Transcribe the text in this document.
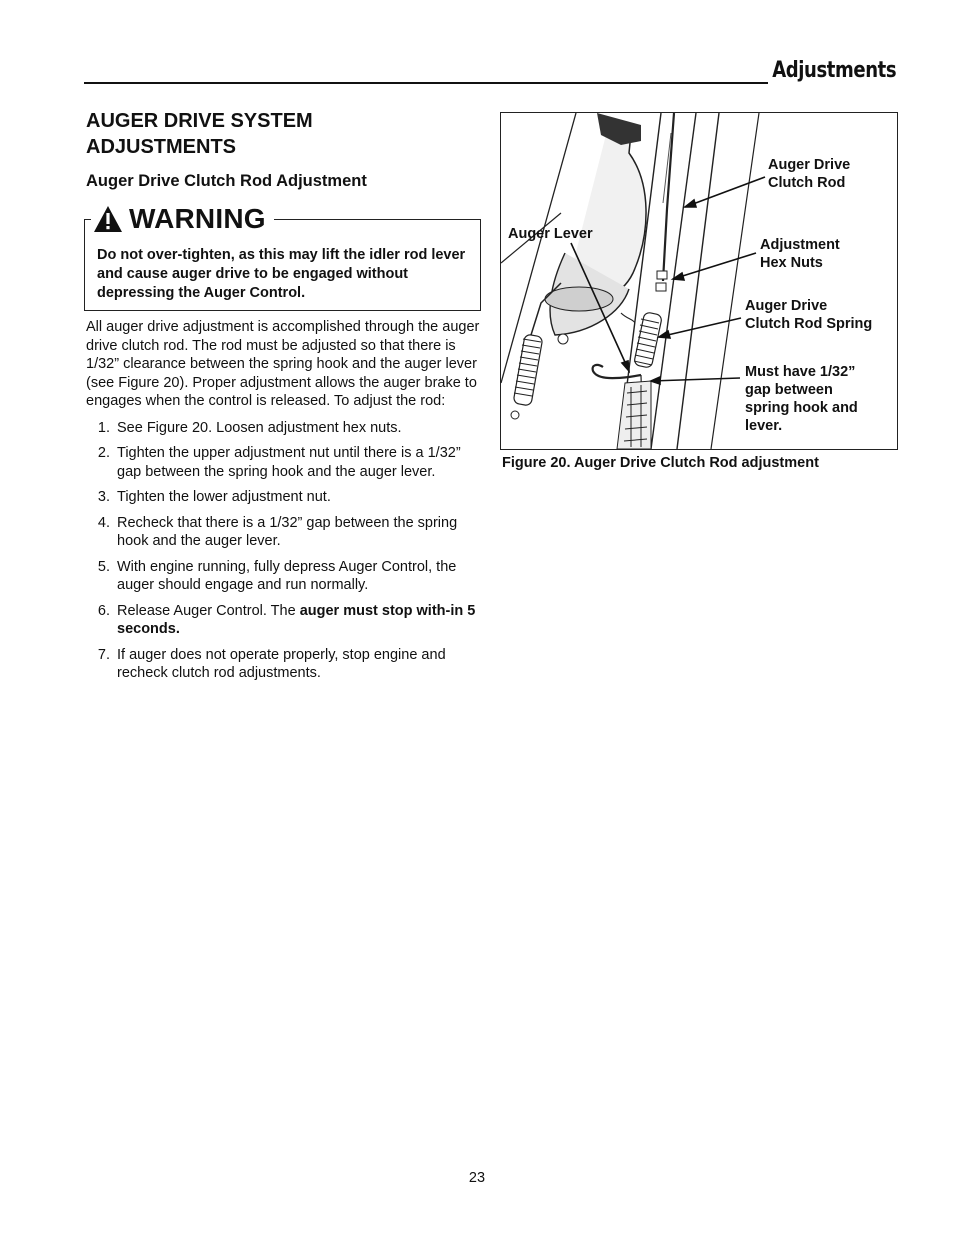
Adjustments
AUGER DRIVE SYSTEM
ADJUSTMENTS
Auger Drive Clutch Rod Adjustment
WARNING
Do not over-tighten, as this may lift the idler rod lever and cause auger drive to be engaged without depressing the Auger Control.

All auger drive adjustment is accomplished through the auger drive clutch rod. The rod must be adjusted so that there is 1/32” clearance between the spring hook and the auger lever (see Figure 20). Proper adjustment allows the auger brake to engages when the control is released. To adjust the rod:

1. See Figure 20. Loosen adjustment hex nuts.
2. Tighten the upper adjustment nut until there is a 1/32” gap between the spring hook and the auger lever.
3. Tighten the lower adjustment nut.
4. Recheck that there is a 1/32” gap between the spring hook and the auger lever.
5. With engine running, fully depress Auger Control, the auger should engage and run normally.
6. Release Auger Control. The auger must stop with-in 5 seconds.
7. If auger does not operate properly, stop engine and recheck clutch rod adjustments.
Auger Lever
Auger Drive
Clutch Rod
Adjustment
Hex Nuts
Auger Drive
Clutch Rod Spring
Must have 1/32”
gap between
spring hook and
lever.
Figure 20. Auger Drive Clutch Rod adjustment
23
